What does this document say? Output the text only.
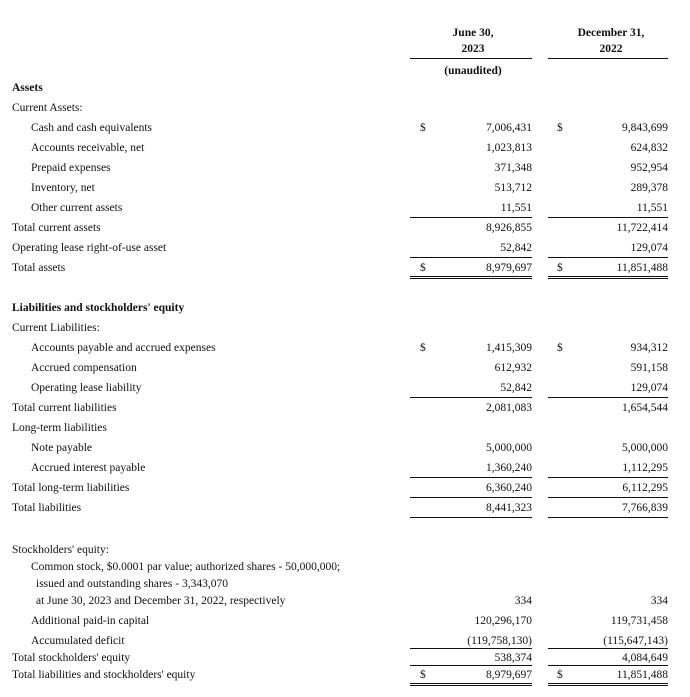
June 30,
2023
(unaudited)
December 31,
2022
Assets
Current Assets:
Cash and cash equivalents	$	7,006,431 $	9,843,699
Accounts receivable, net	1,023,813	624,832
Prepaid expenses	371,348	952,954
Inventory, net	513,712	289,378
Other current assets	11,551	11,551
Total current assets	8,926,855	11,722,414
Operating lease right-of-use asset	52,842	129,074
Total assets	$	8,979,697 $	11,851,488
Liabilities and stockholders' equity
Current Liabilities:
Accounts payable and accrued expenses	$	1,415,309 $	934,312
Accrued compensation	612,932	591,158
Operating lease liability	52,842	129,074
Total current liabilities	2,081,083	1,654,544
Long-term liabilities
Note payable	5,000,000	5,000,000
Accrued interest payable	1,360,240	1,112,295
Total long-term liabilities	6,360,240	6,112,295
Total liabilities	8,441,323	7,766,839
Stockholders' equity:
Common stock, $0.0001 par value; authorized shares - 50,000,000;
issued and outstanding shares - 3,343,070
at June 30, 2023 and December 31, 2022, respectively	334	334
Additional paid-in capital	120,296,170	119,731,458
Accumulated deficit	(119,758,130)	(115,647,143)
Total stockholders' equity	538,374	4,084,649
Total liabilities and stockholders' equity	$	8,979,697 $	11,851,488
